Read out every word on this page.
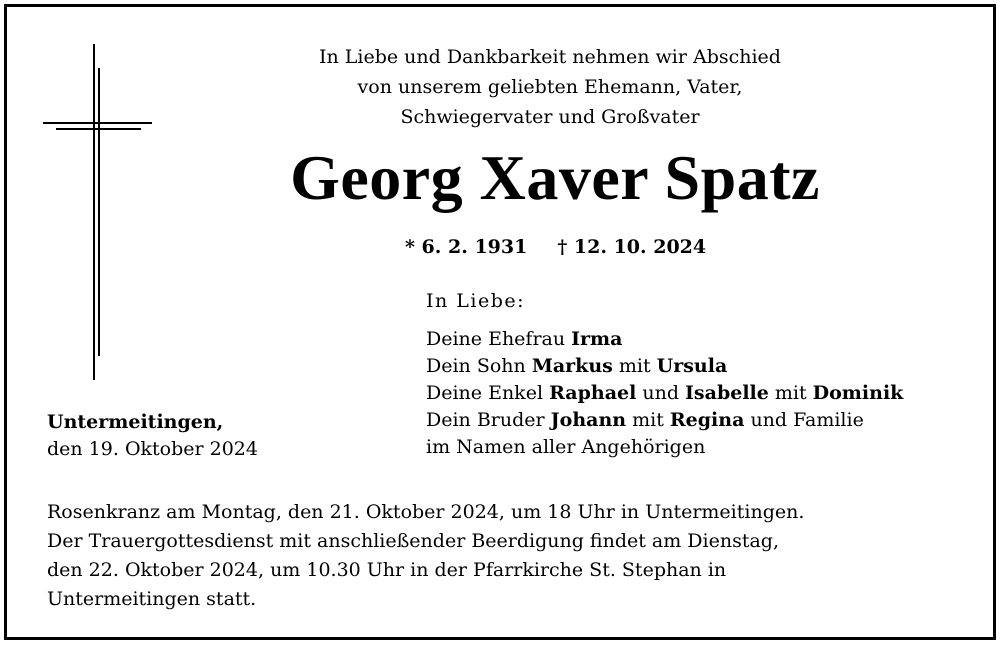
In Liebe und Dankbarkeit nehmen wir Abschied
von unserem geliebten Ehemann, Vater,
Schwiegervater und Großvater
Georg Xaver Spatz
* 6. 2. 1931 † 12. 10. 2024
In Liebe:
Deine Ehefrau Irma
Dein Sohn Markus mit Ursula
Deine Enkel Raphael und Isabelle mit Dominik
Dein Bruder Johann mit Regina und Familie
im Namen aller Angehörigen
Untermeitingen,
den 19. Oktober 2024
Rosenkranz am Montag, den 21. Oktober 2024, um 18 Uhr in Untermeitingen.
Der Trauergottesdienst mit anschließender Beerdigung findet am Dienstag,
den 22. Oktober 2024, um 10.30 Uhr in der Pfarrkirche St. Stephan in
Untermeitingen statt.
